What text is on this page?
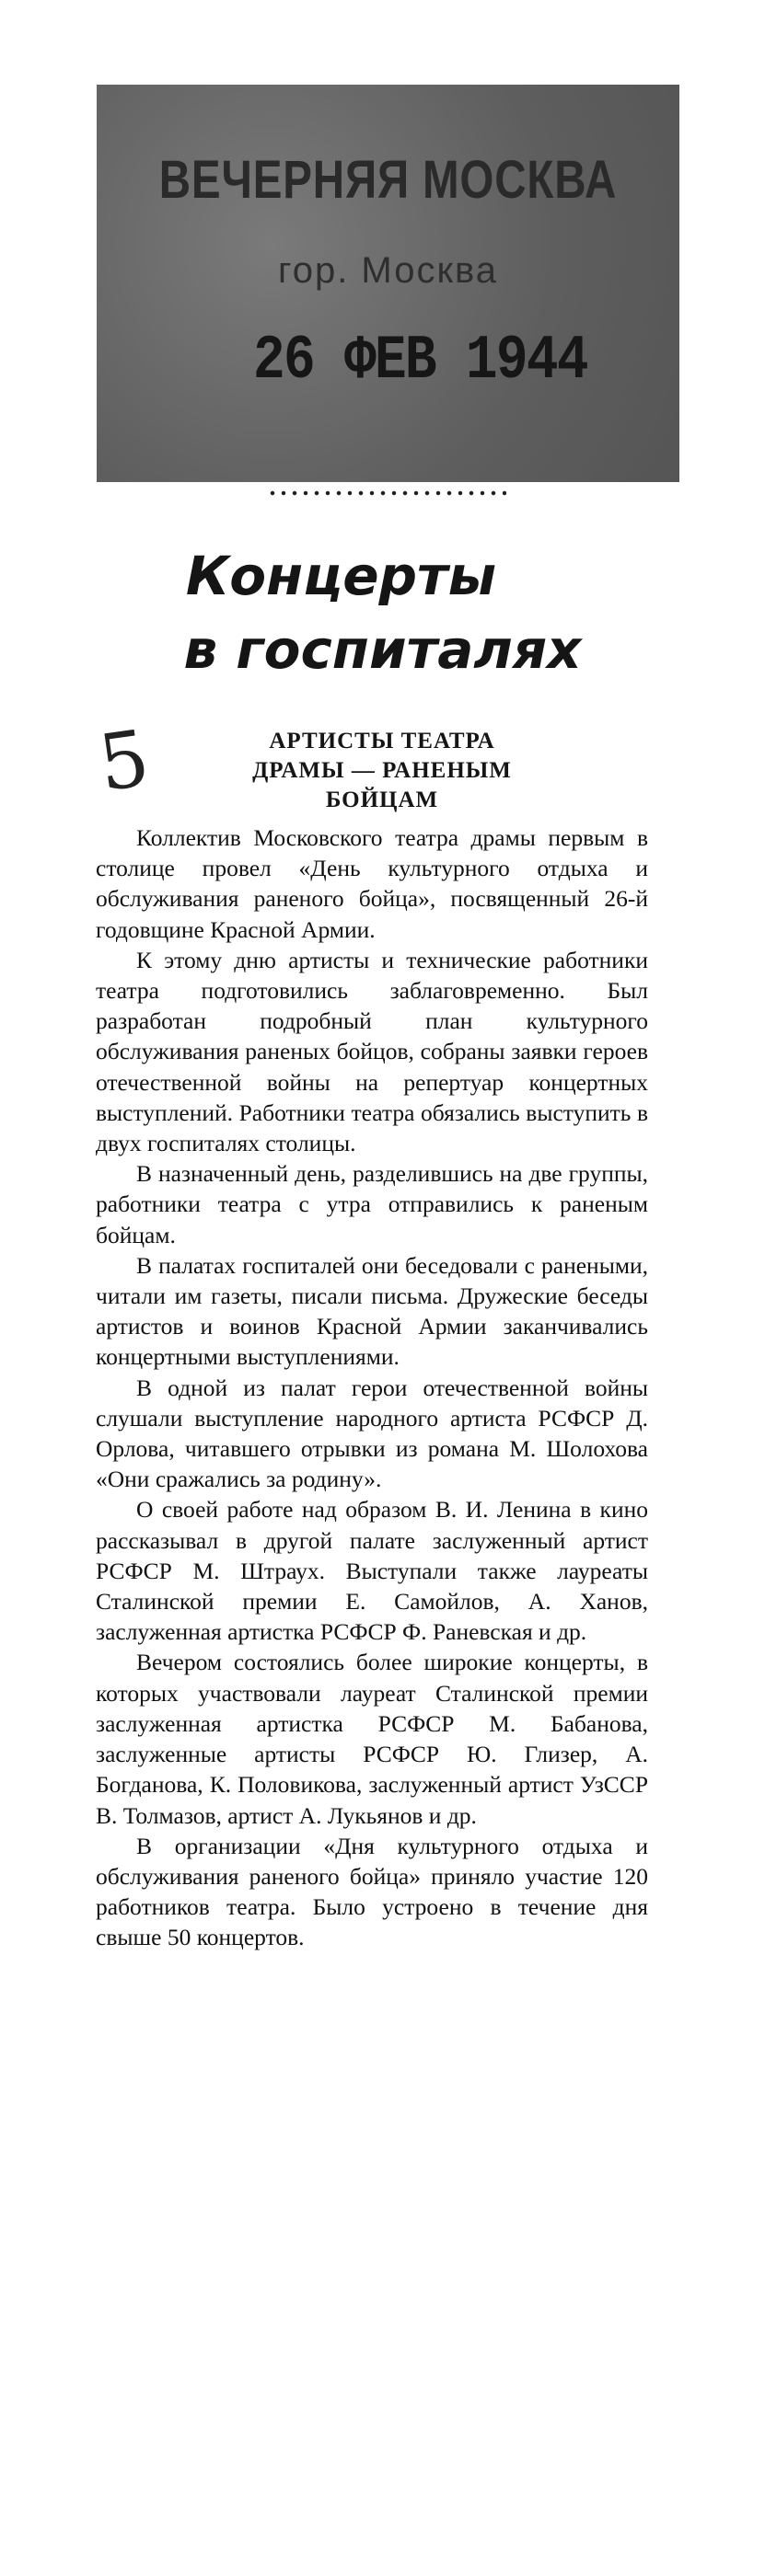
ВЕЧЕРНЯЯ МОСКВА
гор. Москва
26 ФЕВ 1944
Концерты
в госпиталях
5	АРТИСТЫ ТЕАТРА
ДРАМЫ — РАНЕНЫМ
БОЙЦАМ

Коллектив Московского театра драмы первым в столице провел «День культурного отдыха и обслуживания раненого бойца», посвященный 26-й годовщине Красной Армии.

К этому дню артисты и технические работники театра подготовились заблаговременно. Был разработан подробный план культурного обслуживания раненых бойцов, собраны заявки героев отечественной войны на репертуар концертных выступлений. Работники театра обязались выступить в двух госпиталях столицы.

В назначенный день, разделившись на две группы, работники театра с утра отправились к раненым бойцам.

В палатах госпиталей они беседовали с ранеными, читали им газеты, писали письма. Дружеские беседы артистов и воинов Красной Армии заканчивались концертными выступлениями.

В одной из палат герои отечественной войны слушали выступление народного артиста РСФСР Д. Орлова, читавшего отрывки из романа М. Шолохова «Они сражались за родину».

О своей работе над образом В. И. Ленина в кино рассказывал в другой палате заслуженный артист РСФСР М. Штраух. Выступали также лауреаты Сталинской премии Е. Самойлов, А. Ханов, заслуженная артистка РСФСР Ф. Раневская и др.

Вечером состоялись более широкие концерты, в которых участвовали лауреат Сталинской премии заслуженная артистка РСФСР М. Бабанова, заслуженные артисты РСФСР Ю. Глизер, А. Богданова, К. Половикова, заслуженный артист УзССР В. Толмазов, артист А. Лукьянов и др.

В организации «Дня культурного отдыха и обслуживания раненого бойца» приняло участие 120 работников театра. Было устроено в течение дня свыше 50 концертов.
